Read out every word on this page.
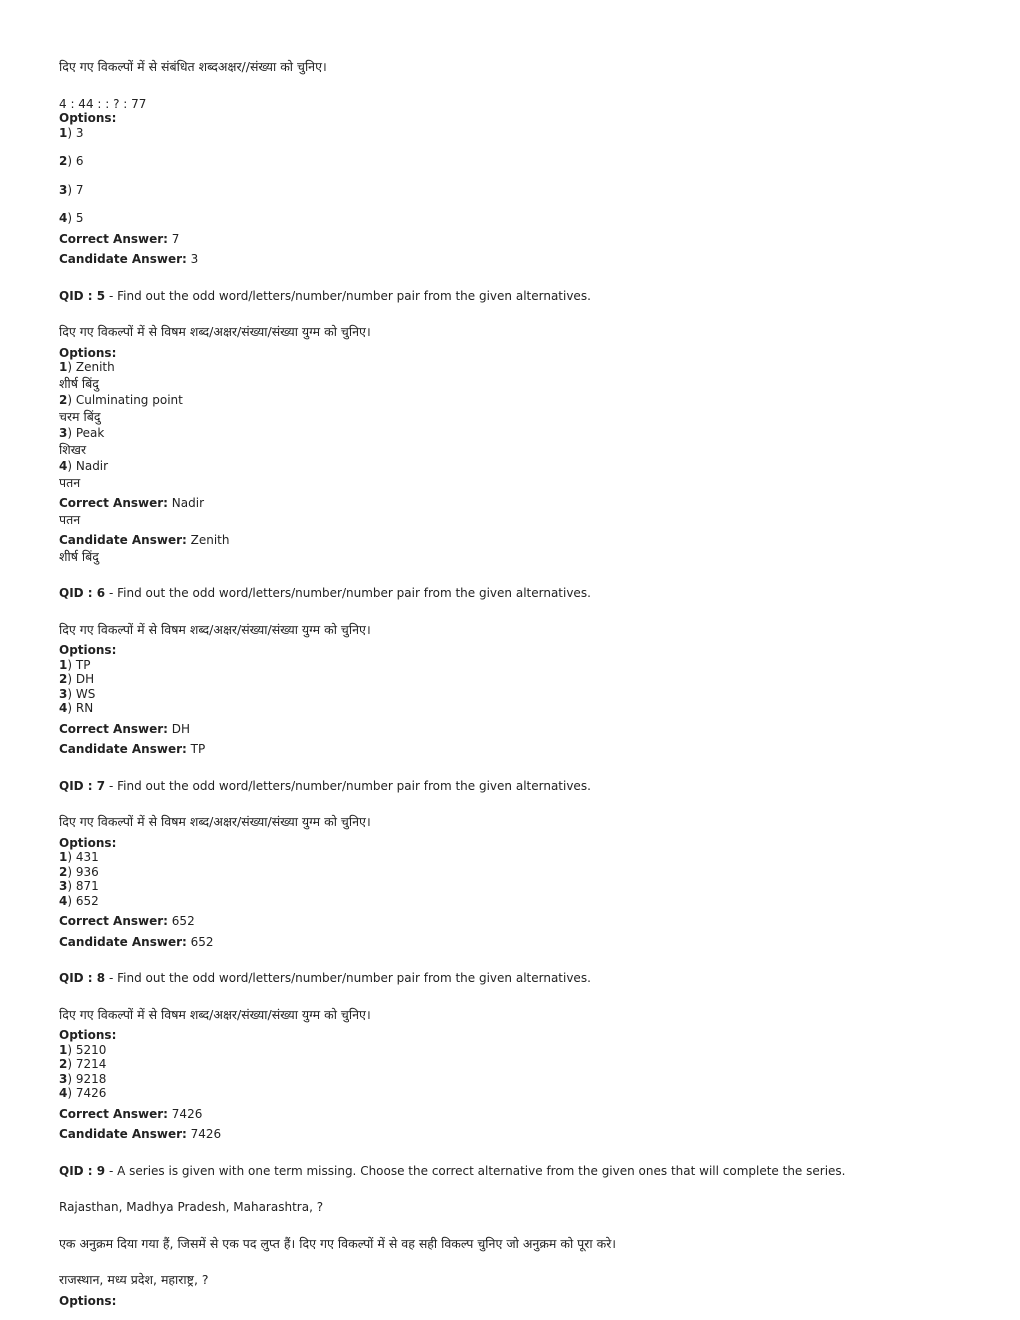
दिए गए विकल्पों में से संबंधित शब्दअक्षर//संख्या को चुनिए।
4 : 44 : : ? : 77
Options:
1) 3
2) 6
3) 7
4) 5
Correct Answer: 7
Candidate Answer: 3
QID : 5 - Find out the odd word/letters/number/number pair from the given alternatives.
दिए गए विकल्पों में से विषम शब्द/अक्षर/संख्या/संख्या युग्म को चुनिए।
Options:
1) Zenith
शीर्ष बिंदु
2) Culminating point
चरम बिंदु
3) Peak
शिखर
4) Nadir
पतन
Correct Answer: Nadir
पतन
Candidate Answer: Zenith
शीर्ष बिंदु
QID : 6 - Find out the odd word/letters/number/number pair from the given alternatives.
दिए गए विकल्पों में से विषम शब्द/अक्षर/संख्या/संख्या युग्म को चुनिए।
Options:
1) TP
2) DH
3) WS
4) RN
Correct Answer: DH
Candidate Answer: TP
QID : 7 - Find out the odd word/letters/number/number pair from the given alternatives.
दिए गए विकल्पों में से विषम शब्द/अक्षर/संख्या/संख्या युग्म को चुनिए।
Options:
1) 431
2) 936
3) 871
4) 652
Correct Answer: 652
Candidate Answer: 652
QID : 8 - Find out the odd word/letters/number/number pair from the given alternatives.
दिए गए विकल्पों में से विषम शब्द/अक्षर/संख्या/संख्या युग्म को चुनिए।
Options:
1) 5210
2) 7214
3) 9218
4) 7426
Correct Answer: 7426
Candidate Answer: 7426
QID : 9 - A series is given with one term missing. Choose the correct alternative from the given ones that will complete the series.
Rajasthan, Madhya Pradesh, Maharashtra, ?
एक अनुक्रम दिया गया हैं, जिसमें से एक पद लुप्त हैं। दिए गए विकल्पों में से वह सही विकल्प चुनिए जो अनुक्रम को पूरा करे।
राजस्थान, मध्य प्रदेश, महाराष्ट्र, ?
Options:
